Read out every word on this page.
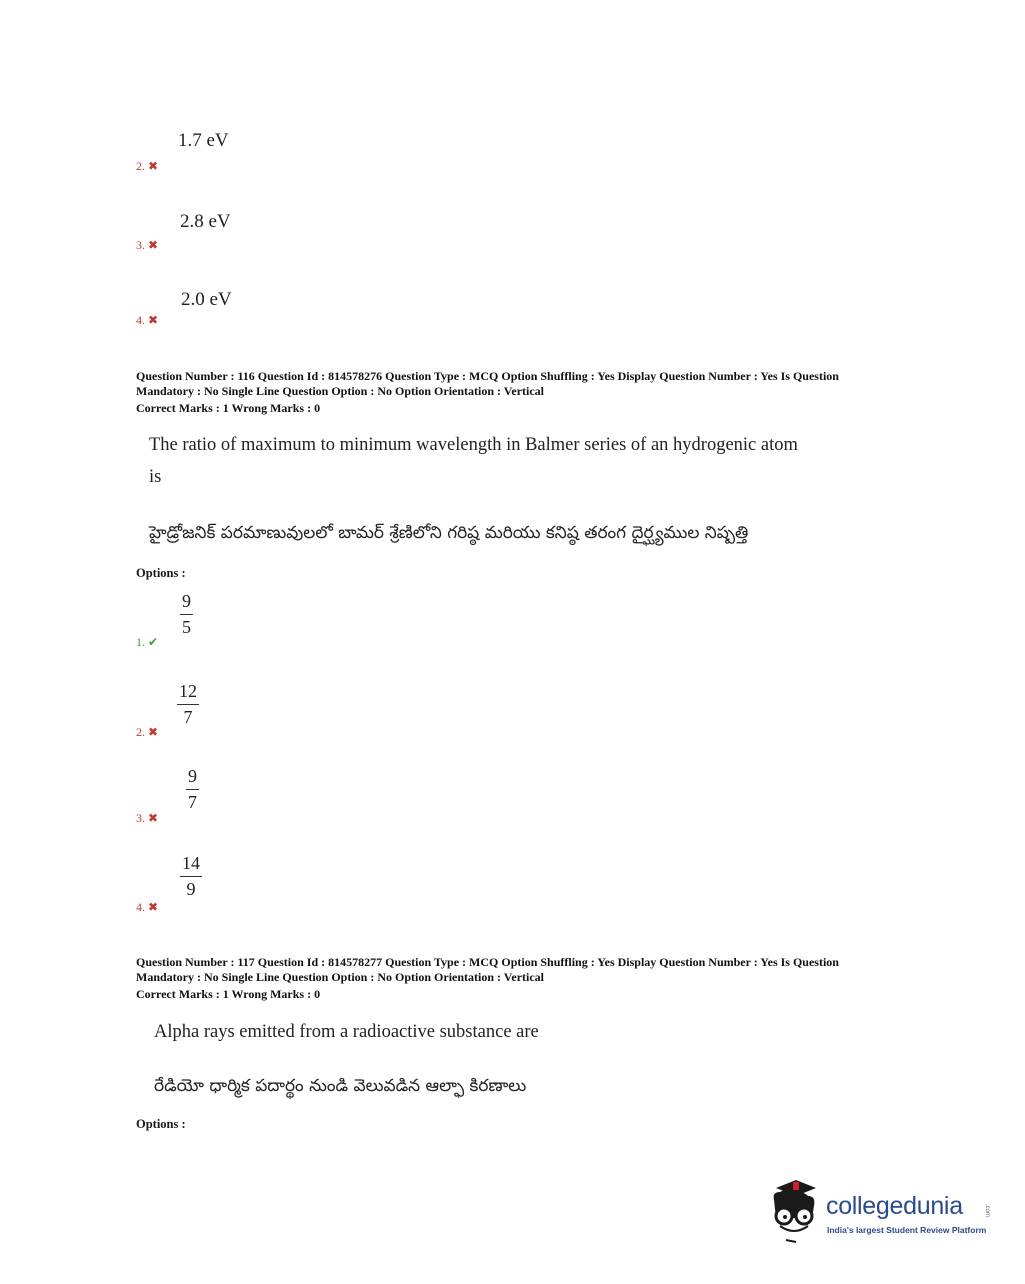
1.7 eV
2. ✖
2.8 eV
3. ✖
2.0 eV
4. ✖
Question Number : 116 Question Id : 814578276 Question Type : MCQ Option Shuffling : Yes Display Question Number : Yes Is Question
Mandatory : No Single Line Question Option : No Option Orientation : Vertical
Correct Marks : 1 Wrong Marks : 0
The ratio of maximum to minimum wavelength in Balmer series of an hydrogenic atom
is
హైడ్రోజనిక్ పరమాణువులలో బామర్ శ్రేణిలోని గరిష్ఠ మరియు కనిష్ఠ తరంగ దైర్ఘ్యముల నిష్పత్తి
Options :
9
5
1. ✔
12
7
2. ✖
9
7
3. ✖
14
9
4. ✖
Question Number : 117 Question Id : 814578277 Question Type : MCQ Option Shuffling : Yes Display Question Number : Yes Is Question
Mandatory : No Single Line Question Option : No Option Orientation : Vertical
Correct Marks : 1 Wrong Marks : 0
Alpha rays emitted from a radioactive substance are
రేడియో ధార్మిక పదార్థం నుండి వెలువడిన ఆల్ఫా కిరణాలు
Options :
collegedunia	.com
India's largest Student Review Platform
